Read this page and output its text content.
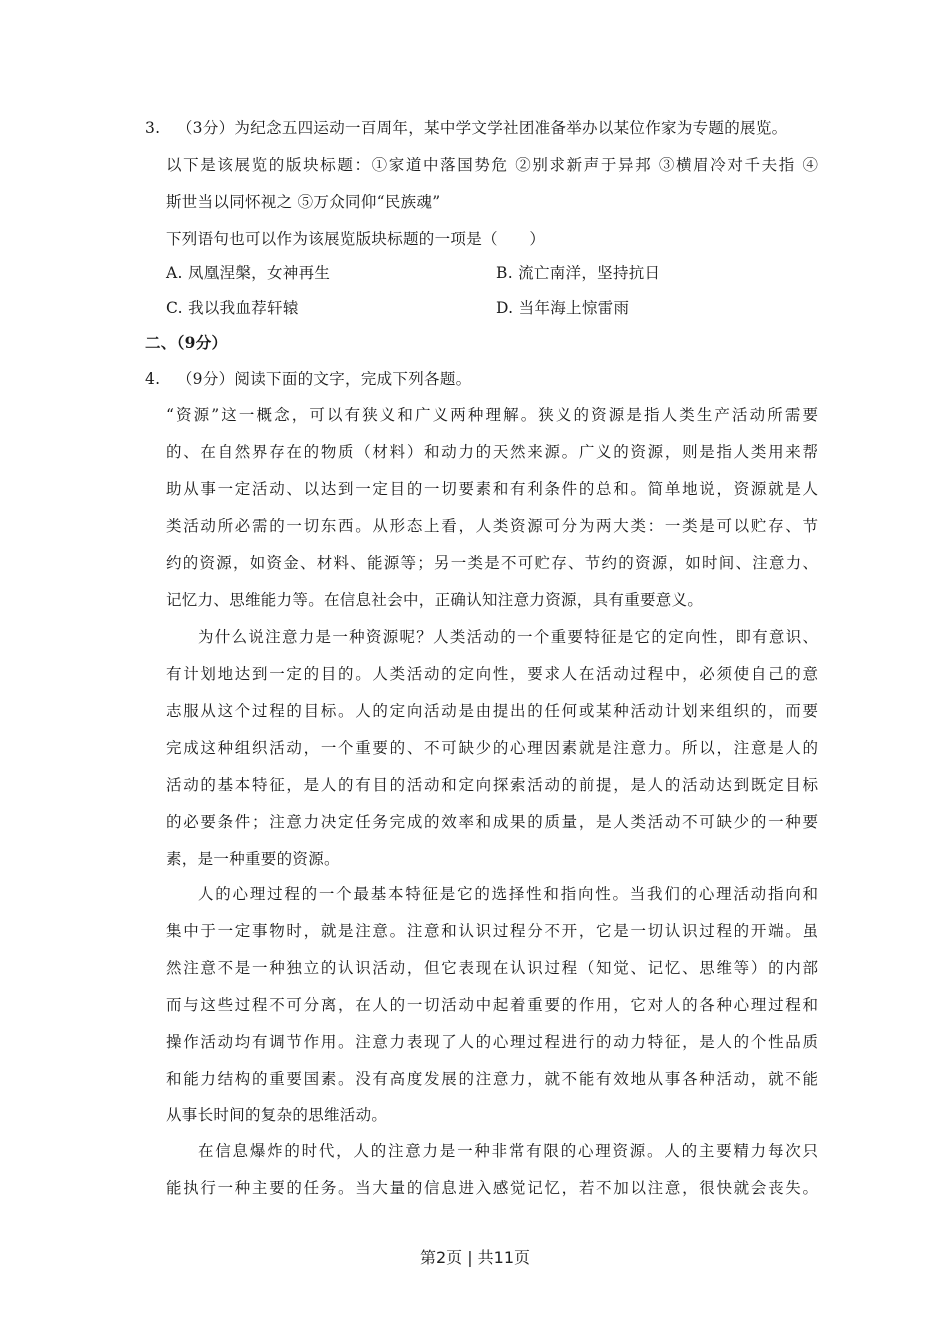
3. （3分）为纪念五四运动一百周年，某中学文学社团准备举办以某位作家为专题的展览。
以下是该展览的版块标题：①家道中落国势危 ②别求新声于异邦 ③横眉冷对千夫指 ④
斯世当以同怀视之 ⑤万众同仰“民族魂”
下列语句也可以作为该展览版块标题的一项是（　　）
A. 凤凰涅槃，女神再生	B. 流亡南洋，坚持抗日
C. 我以我血荐轩辕	D. 当年海上惊雷雨
二、（9分）
4. （9分）阅读下面的文字，完成下列各题。
“资源”这一概念，可以有狭义和广义两种理解。狭义的资源是指人类生产活动所需要
的、在自然界存在的物质（材料）和动力的天然来源。广义的资源，则是指人类用来帮
助从事一定活动、以达到一定目的一切要素和有利条件的总和。简单地说，资源就是人
类活动所必需的一切东西。从形态上看，人类资源可分为两大类：一类是可以贮存、节
约的资源，如资金、材料、能源等；另一类是不可贮存、节约的资源，如时间、注意力、
记忆力、思维能力等。在信息社会中，正确认知注意力资源，具有重要意义。
为什么说注意力是一种资源呢？人类活动的一个重要特征是它的定向性，即有意识、
有计划地达到一定的目的。人类活动的定向性，要求人在活动过程中，必须使自己的意
志服从这个过程的目标。人的定向活动是由提出的任何或某种活动计划来组织的，而要
完成这种组织活动，一个重要的、不可缺少的心理因素就是注意力。所以，注意是人的
活动的基本特征，是人的有目的活动和定向探索活动的前提，是人的活动达到既定目标
的必要条件；注意力决定任务完成的效率和成果的质量，是人类活动不可缺少的一种要
素，是一种重要的资源。
人的心理过程的一个最基本特征是它的选择性和指向性。当我们的心理活动指向和
集中于一定事物时，就是注意。注意和认识过程分不开，它是一切认识过程的开端。虽
然注意不是一种独立的认识活动，但它表现在认识过程（知觉、记忆、思维等）的内部
而与这些过程不可分离，在人的一切活动中起着重要的作用，它对人的各种心理过程和
操作活动均有调节作用。注意力表现了人的心理过程进行的动力特征，是人的个性品质
和能力结构的重要国素。没有高度发展的注意力，就不能有效地从事各种活动，就不能
从事长时间的复杂的思维活动。
在信息爆炸的时代，人的注意力是一种非常有限的心理资源。人的主要精力每次只
能执行一种主要的任务。当大量的信息进入感觉记忆，若不加以注意，很快就会丧失。
第2页 | 共11页
